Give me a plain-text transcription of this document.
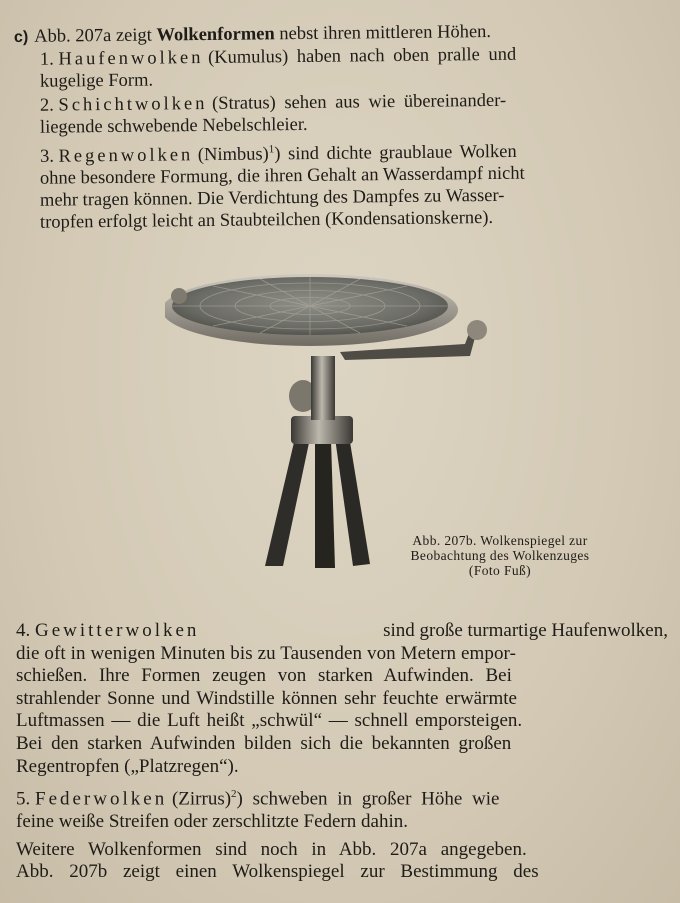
c) Abb. 207a zeigt Wolkenformen nebst ihren mittleren Höhen.
1. Haufenwolken (Kumulus) haben nach oben pralle und
kugelige Form.
2. Schichtwolken (Stratus) sehen aus wie übereinander-
liegende schwebende Nebelschleier.
3. Regenwolken (Nimbus)$^1$) sind dichte graublaue Wolken
ohne besondere Formung, die ihren Gehalt an Wasserdampf nicht
mehr tragen können. Die Verdichtung des Dampfes zu Wasser-
tropfen erfolgt leicht an Staubteilchen (Kondensationskerne).
Abb. 207b. Wolkenspiegel zur
Beobachtung des Wolkenzuges
(Foto Fuß)
4. Gewitterwolken	sind große turmartige Haufenwolken,
die oft in wenigen Minuten bis zu Tausenden von Metern empor-
schießen. Ihre Formen zeugen von starken Aufwinden. Bei
strahlender Sonne und Windstille können sehr feuchte erwärmte
Luftmassen — die Luft heißt „schwül“ — schnell emporsteigen.
Bei den starken Aufwinden bilden sich die bekannten großen
Regentropfen („Platzregen“).
5. Federwolken (Zirrus)$^2$) schweben in großer Höhe wie
feine weiße Streifen oder zerschlitzte Federn dahin.
Weitere Wolkenformen sind noch in Abb. 207a angegeben.
Abb. 207b zeigt einen Wolkenspiegel zur Bestimmung des
